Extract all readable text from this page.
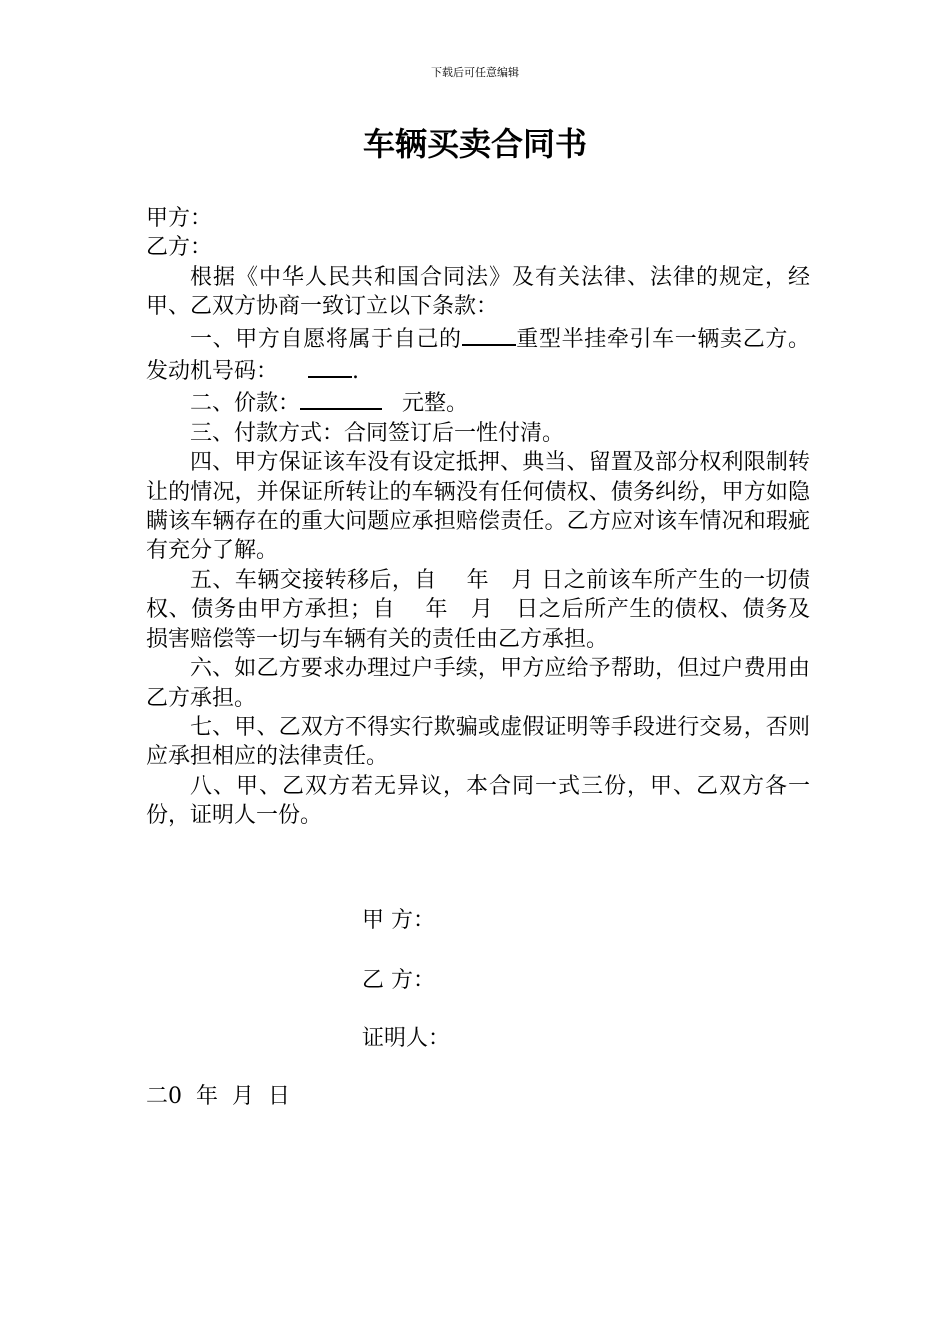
下载后可任意编辑
车辆买卖合同书

甲方：

乙方：

根据《中华人民共和国合同法》及有关法律、法律的规定，经甲、乙双方协商一致订立以下条款：

一、甲方自愿将属于自己的 重型半挂牵引车一辆卖乙方。发动机号码：	.

二、价款：	元整。

三、付款方式：合同签订后一性付清。

四、甲方保证该车没有设定抵押、典当、留置及部分权利限制转让的情况，并保证所转让的车辆没有任何债权、债务纠纷，甲方如隐瞒该车辆存在的重大问题应承担赔偿责任。乙方应对该车情况和瑕疵有充分了解。

五、车辆交接转移后，自　 年　月 日之前该车所产生的一切债权、债务由甲方承担；自　 年　月　日之后所产生的债权、债务及损害赔偿等一切与车辆有关的责任由乙方承担。

六、如乙方要求办理过户手续，甲方应给予帮助，但过户费用由乙方承担。

七、甲、乙双方不得实行欺骗或虚假证明等手段进行交易，否则应承担相应的法律责任。

八、甲、乙双方若无异议，本合同一式三份，甲、乙双方各一份，证明人一份。

甲 方：
乙 方：
证明人：
二0  年  月  日
